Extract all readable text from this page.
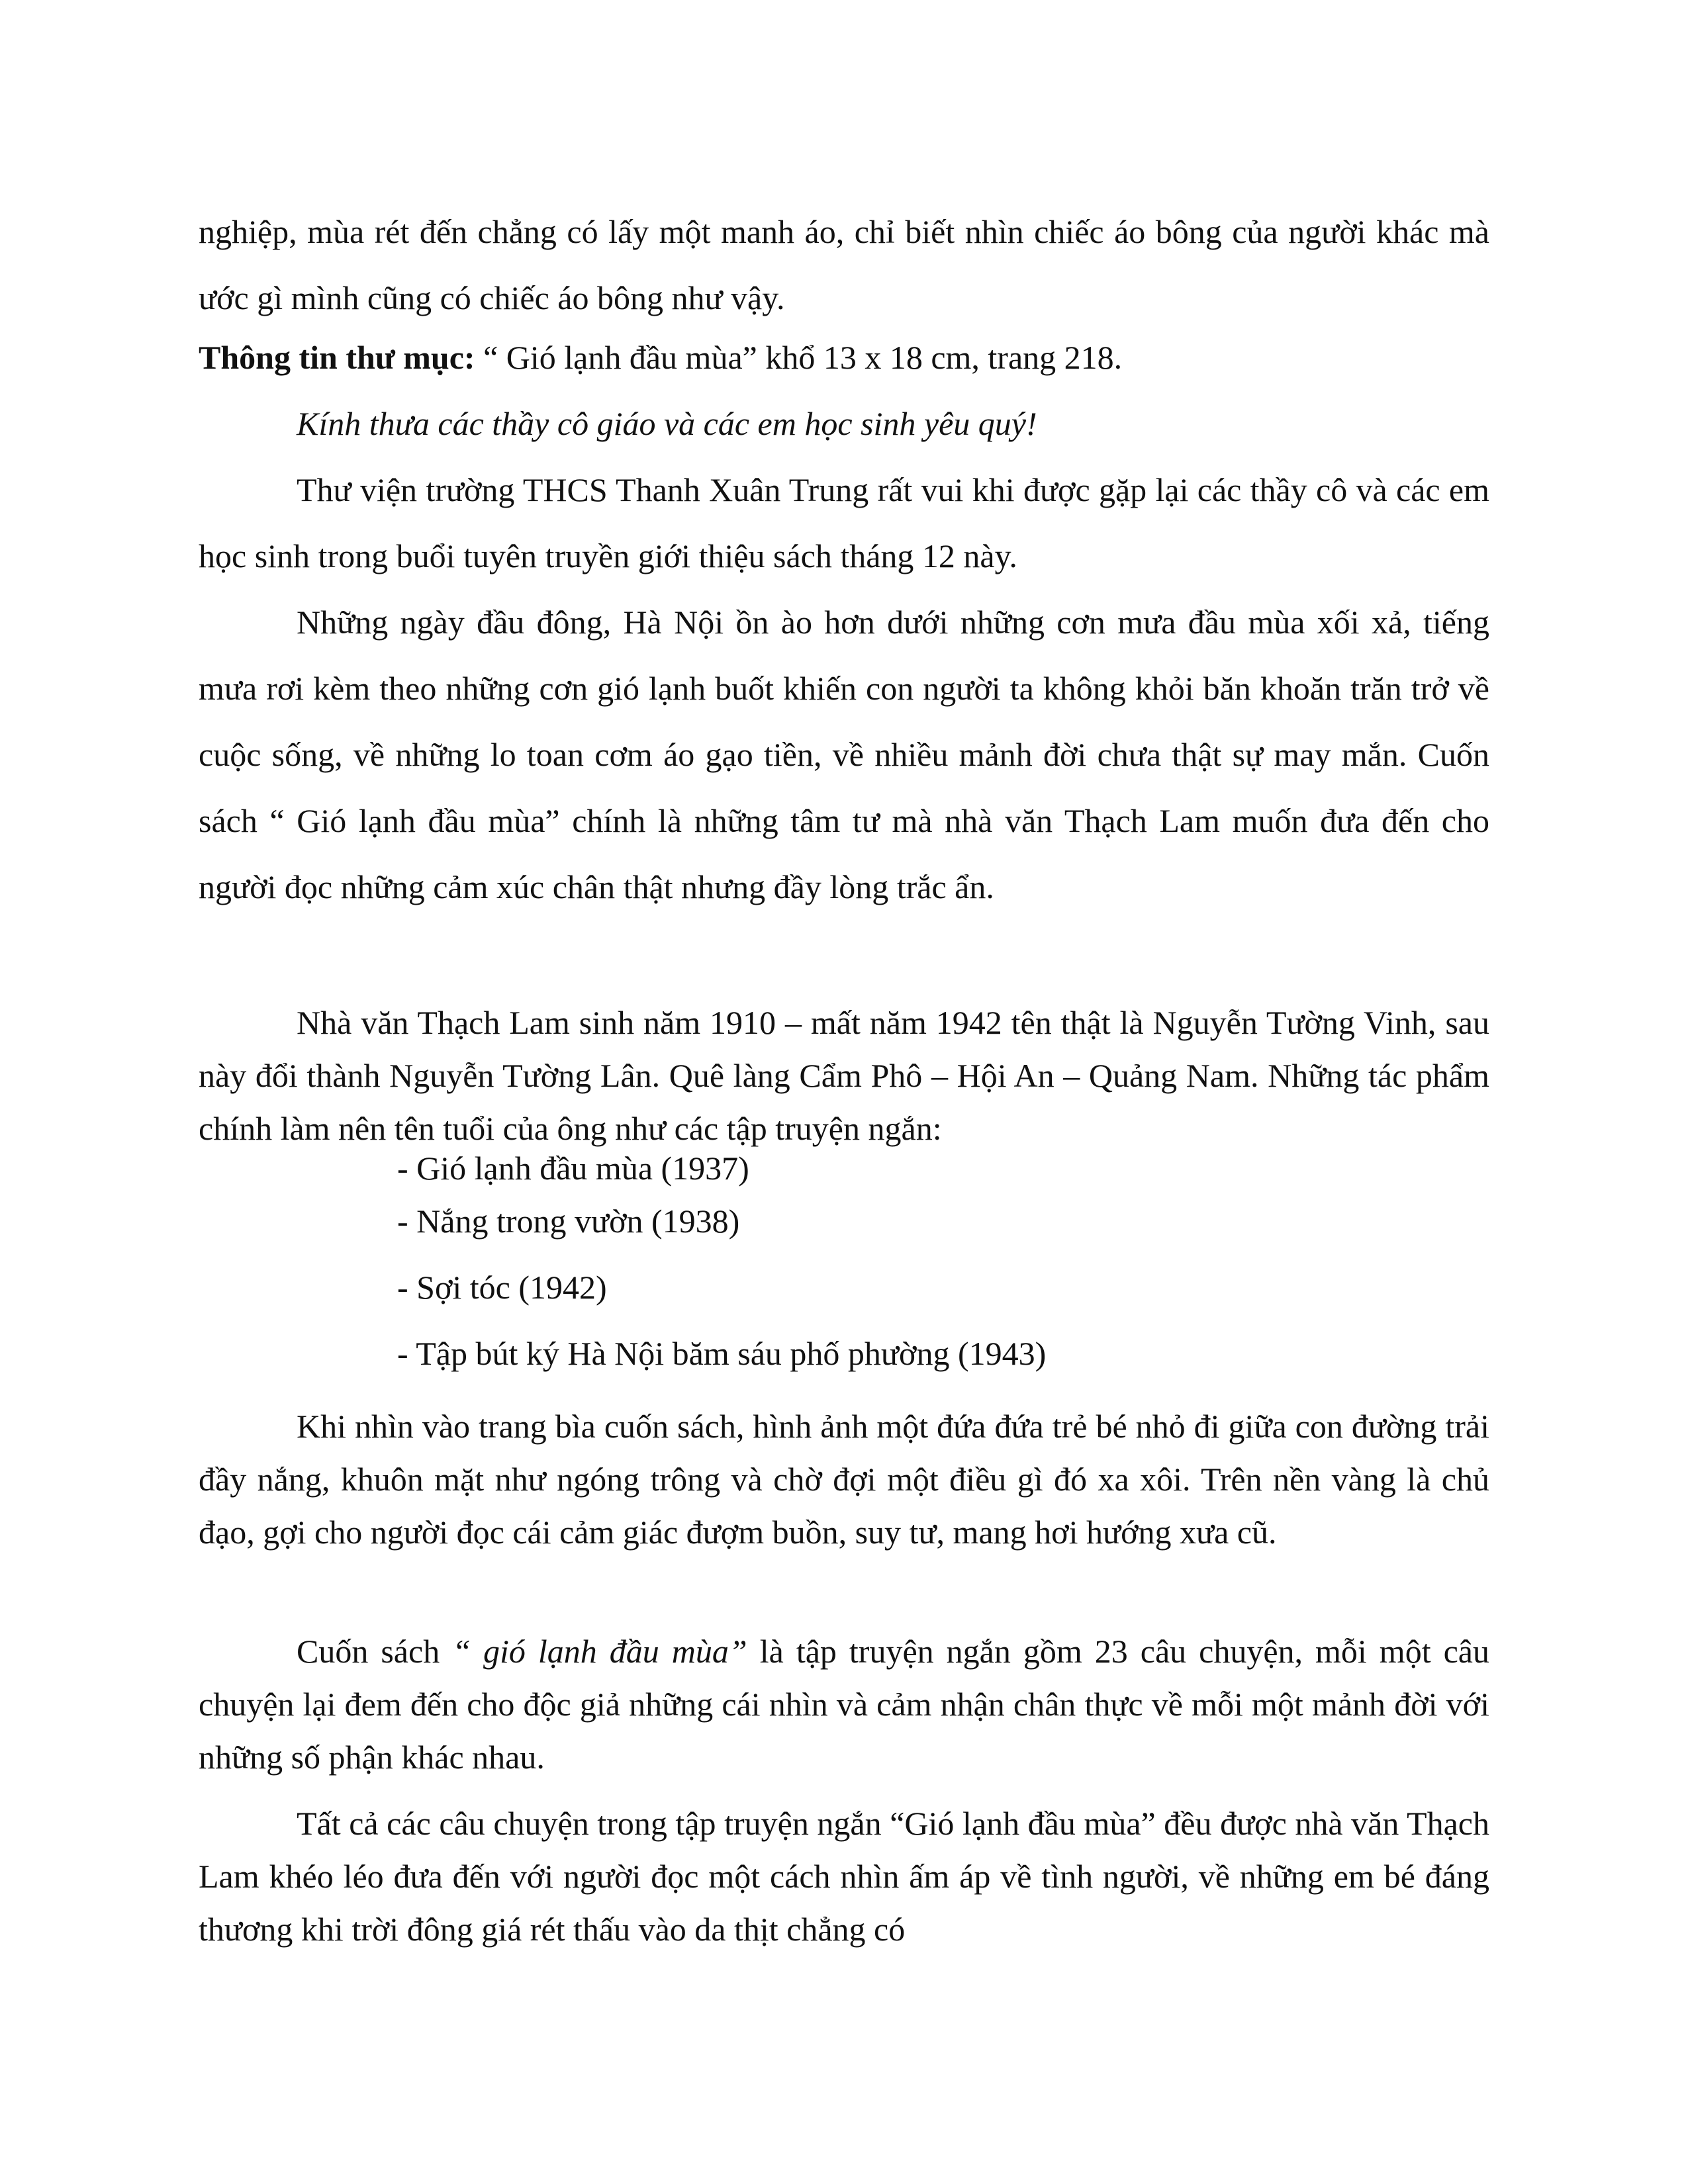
nghiệp, mùa rét đến chẳng có lấy một manh áo, chỉ biết nhìn chiếc áo bông của người khác mà ước gì mình cũng có chiếc áo bông như vậy.

Thông tin thư mục: “ Gió lạnh đầu mùa” khổ 13 x 18 cm, trang 218.

Kính thưa các thầy cô giáo và các em học sinh yêu quý!

Thư viện trường THCS Thanh Xuân Trung rất vui khi được gặp lại các thầy cô và các em học sinh trong buổi tuyên truyền giới thiệu sách tháng 12 này.

Những ngày đầu đông, Hà Nội ồn ào hơn dưới những cơn mưa đầu mùa xối xả, tiếng mưa rơi kèm theo những cơn gió lạnh buốt khiến con người ta không khỏi băn khoăn trăn trở về cuộc sống, về những lo toan cơm áo gạo tiền, về nhiều mảnh đời chưa thật sự may mắn. Cuốn sách “ Gió lạnh đầu mùa” chính là những tâm tư mà nhà văn Thạch Lam muốn đưa đến cho người đọc những cảm xúc chân thật nhưng đầy lòng trắc ẩn.

Nhà văn Thạch Lam sinh năm 1910 – mất năm 1942 tên thật là Nguyễn Tường Vinh, sau này đổi thành Nguyễn Tường Lân. Quê làng Cẩm Phô – Hội An – Quảng Nam. Những tác phẩm chính làm nên tên tuổi của ông như các tập truyện ngắn:

- Gió lạnh đầu mùa (1937)
- Nắng trong vườn (1938)
- Sợi tóc (1942)
- Tập bút ký Hà Nội băm sáu phố phường (1943)

Khi nhìn vào trang bìa cuốn sách, hình ảnh một đứa đứa trẻ bé nhỏ đi giữa con đường trải đầy nắng, khuôn mặt như ngóng trông và chờ đợi một điều gì đó xa xôi. Trên nền vàng là chủ đạo, gợi cho người đọc cái cảm giác đượm buồn, suy tư, mang hơi hướng xưa cũ.

Cuốn sách “ gió lạnh đầu mùa” là tập truyện ngắn gồm 23 câu chuyện, mỗi một câu chuyện lại đem đến cho độc giả những cái nhìn và cảm nhận chân thực về mỗi một mảnh đời với những số phận khác nhau.

Tất cả các câu chuyện trong tập truyện ngắn “Gió lạnh đầu mùa” đều được nhà văn Thạch Lam khéo léo đưa đến với người đọc một cách nhìn ấm áp về tình người, về những em bé đáng thương khi trời đông giá rét thấu vào da thịt chẳng có
